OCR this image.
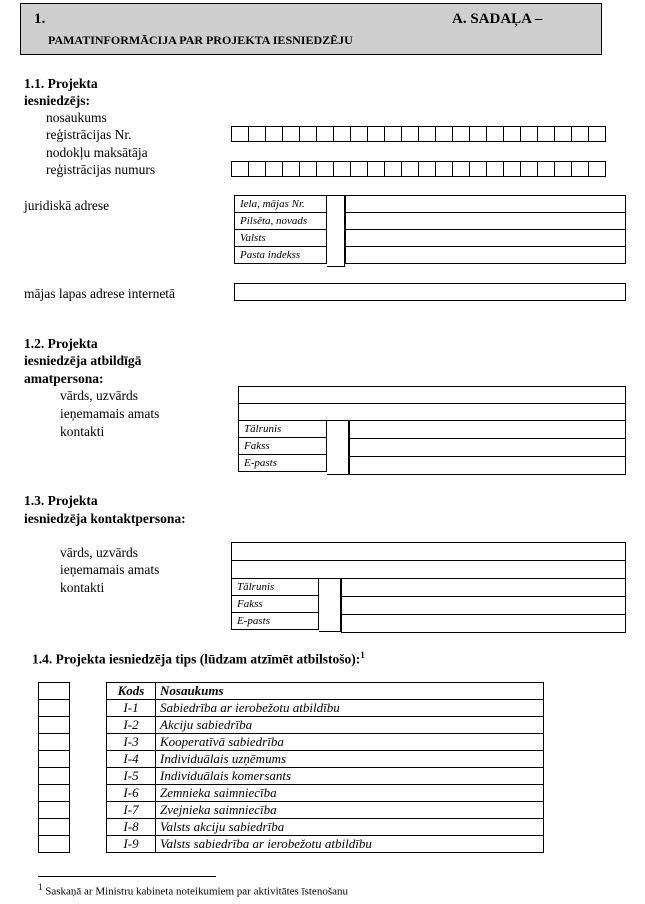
1.	A. SADAĻA –
PAMATINFORMĀCIJA PAR PROJEKTA IESNIEDZĒJU
1.1. Projekta
iesniedzējs:
nosaukums
reģistrācijas Nr.
nodokļu maksātāja
reģistrācijas numurs
juridiskā adrese	Iela, mājas Nr.
Pilsēta, novads
Valsts
Pasta indekss
mājas lapas adrese internetā
1.2. Projekta
iesniedzēja atbildīgā
amatpersona:
vārds, uzvārds
ieņemamais amats
kontakti	Tālrunis
Fakss
E-pasts
1.3. Projekta
iesniedzēja kontaktpersona:
vārds, uzvārds
ieņemamais amats
kontakti	Tālrunis
Fakss
E-pasts
1.4. Projekta iesniedzēja tips (lūdzam atzīmēt atbilstošo):$^1$

Kods	Nosaukums
I-1	Sabiedrība ar ierobežotu atbildību
I-2	Akciju sabiedrība
I-3	Kooperatīvā sabiedrība
I-4	Individuālais uzņēmums
I-5	Individuālais komersants
I-6	Zemnieka saimniecība
I-7	Zvejnieka saimniecība
I-8	Valsts akciju sabiedrība
I-9	Valsts sabiedrība ar ierobežotu atbildību
$^1$ Saskaņā ar Ministru kabineta noteikumiem par aktivitātes īstenošanu
